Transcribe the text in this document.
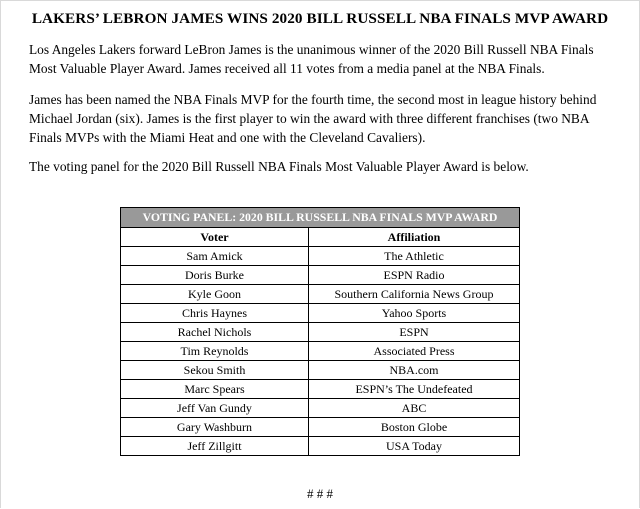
LAKERS’ LEBRON JAMES WINS 2020 BILL RUSSELL NBA FINALS MVP AWARD

Los Angeles Lakers forward LeBron James is the unanimous winner of the 2020 Bill Russell NBA Finals Most Valuable Player Award. James received all 11 votes from a media panel at the NBA Finals.

James has been named the NBA Finals MVP for the fourth time, the second most in league history behind Michael Jordan (six). James is the first player to win the award with three different franchises (two NBA Finals MVPs with the Miami Heat and one with the Cleveland Cavaliers).

The voting panel for the 2020 Bill Russell NBA Finals Most Valuable Player Award is below.

VOTING PANEL: 2020 BILL RUSSELL NBA FINALS MVP AWARD	
Voter	Affiliation
Sam Amick	The Athletic
Doris Burke	ESPN Radio
Kyle Goon	Southern California News Group
Chris Haynes	Yahoo Sports
Rachel Nichols	ESPN
Tim Reynolds	Associated Press
Sekou Smith	NBA.com
Marc Spears	ESPN’s The Undefeated
Jeff Van Gundy	ABC
Gary Washburn	Boston Globe
Jeff Zillgitt	USA Today
# # #
